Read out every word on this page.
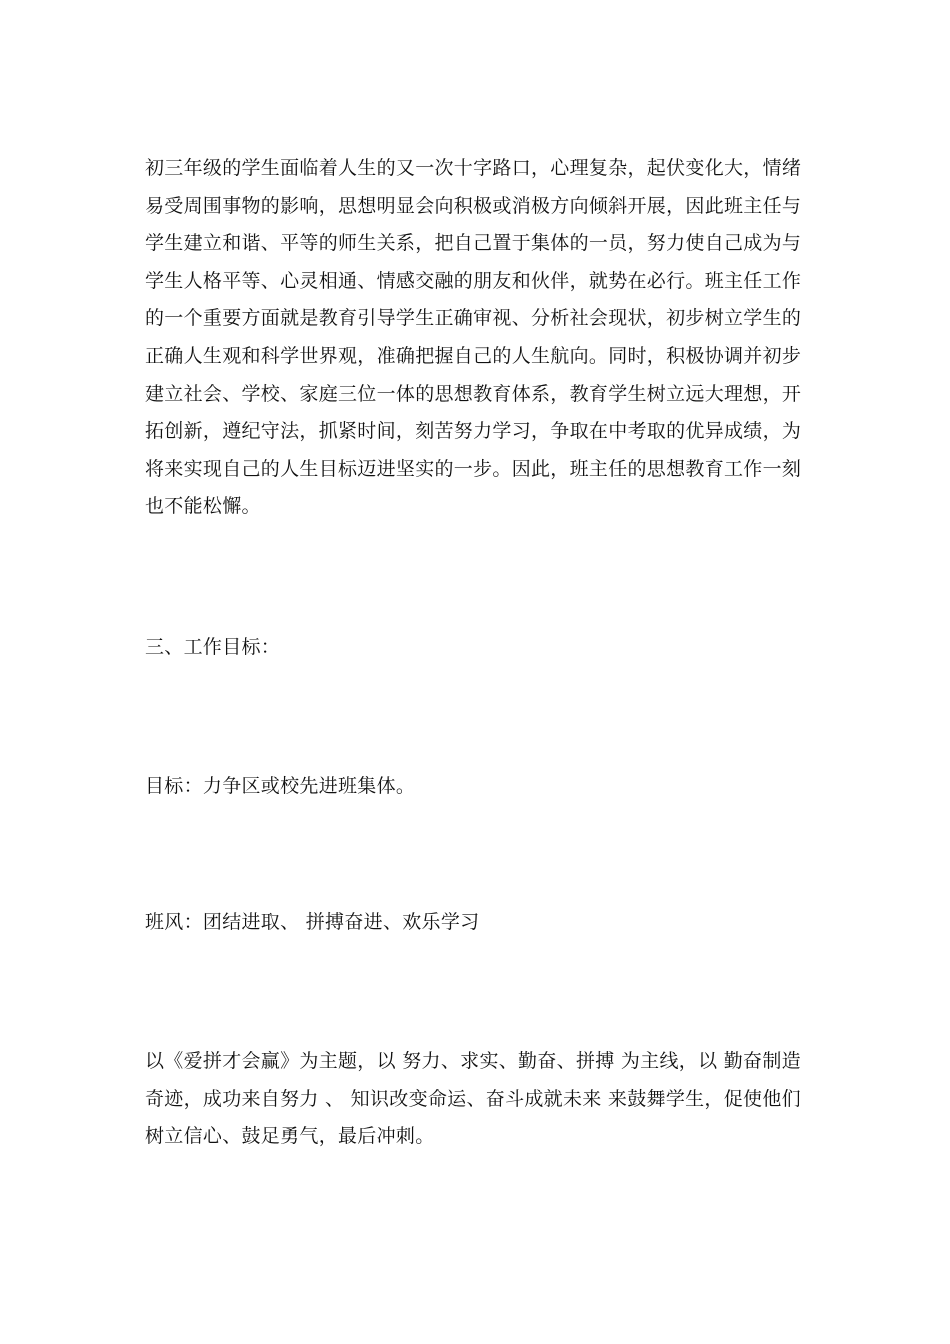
初三年级的学生面临着人生的又一次十字路口，心理复杂，起伏变化大，情绪易受周围事物的影响，思想明显会向积极或消极方向倾斜开展，因此班主任与学生建立和谐、平等的师生关系，把自己置于集体的一员，努力使自己成为与学生人格平等、心灵相通、情感交融的朋友和伙伴，就势在必行。班主任工作的一个重要方面就是教育引导学生正确审视、分析社会现状，初步树立学生的正确人生观和科学世界观，准确把握自己的人生航向。同时，积极协调并初步建立社会、学校、家庭三位一体的思想教育体系，教育学生树立远大理想，开拓创新，遵纪守法，抓紧时间，刻苦努力学习，争取在中考取的优异成绩，为将来实现自己的人生目标迈进坚实的一步。因此，班主任的思想教育工作一刻也不能松懈。

三、工作目标：

目标：力争区或校先进班集体。

班风：团结进取、 拼搏奋进、欢乐学习

以《爱拼才会赢》为主题，以 努力、求实、勤奋、拼搏 为主线，以 勤奋制造奇迹，成功来自努力 、 知识改变命运、奋斗成就未来 来鼓舞学生，促使他们树立信心、鼓足勇气，最后冲刺。
